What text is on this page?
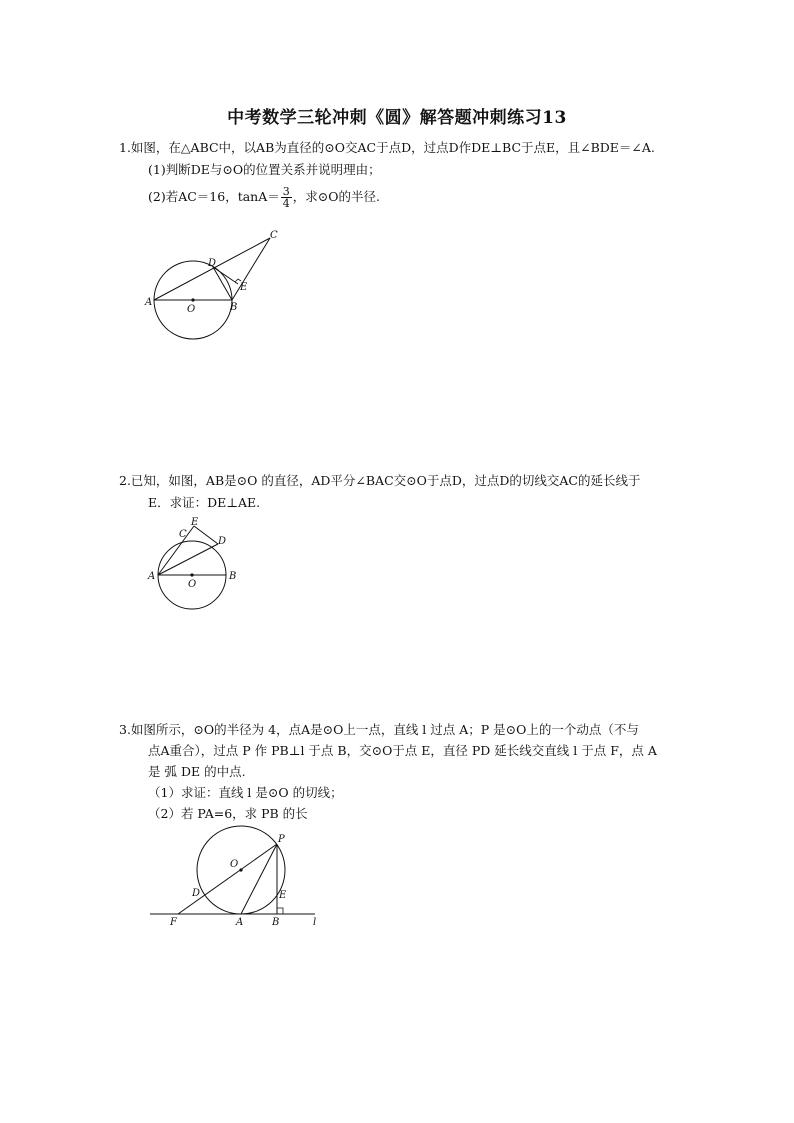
中考数学三轮冲刺《圆》解答题冲刺练习13
1.如图，在△ABC中，以AB为直径的⊙O交AC于点D，过点D作DE⊥BC于点E，且∠BDE＝∠A.
(1)判断DE与⊙O的位置关系并说明理由；
(2)若AC＝16，$\tan A= \frac{3}{4}$ ，求⊙O的半径.
A
O	B
C
D
E
2.已知，如图，AB是⊙O 的直径，AD平分∠BAC交⊙O于点D，过点D的切线交AC的延长线于
E．求证：DE⊥AE.
A
O
B
C
D
E
3.如图所示，⊙O的半径为 4，点A是⊙O上一点，直线 l 过点 A；P 是⊙O上的一个动点（不与
点A重合），过点 P 作 PB⊥l 于点 B，交⊙O于点 E，直径 PD 延长线交直线 l 于点 F，点 A
是 弧 DE 的中点.
（1）求证：直线 l 是⊙O 的切线；
（2）若 PA=6，求 PB 的长
O
P
D	E
F	A	B	l
